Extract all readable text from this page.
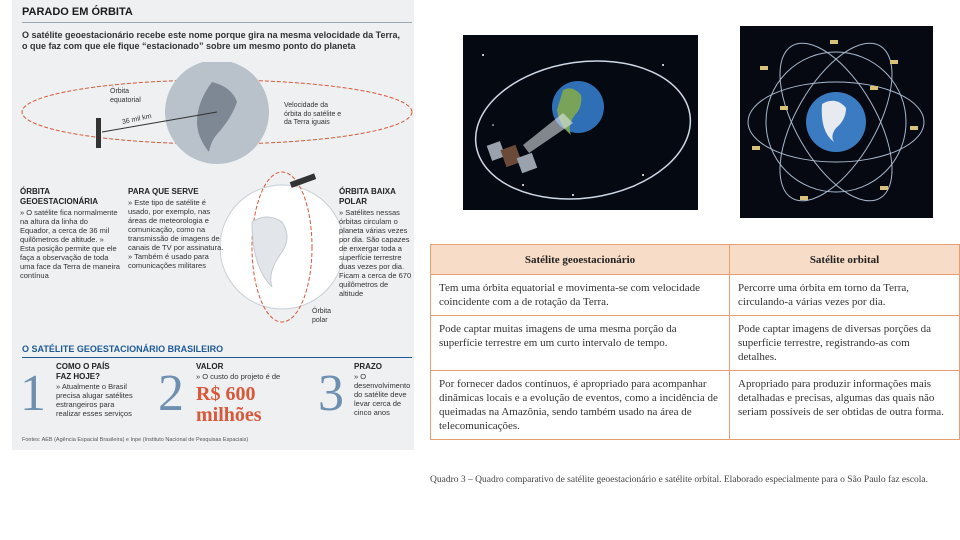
PARADO EM ÓRBITA
O satélite geoestacionário recebe este nome porque gira na mesma velocidade da Terra, o que faz com que ele fique “estacionado” sobre um mesmo ponto do planeta
Órbita equatorial
36 mil km
Velocidade da órbita do satélite e da Terra iguais
Órbita polar
ÓRBITA GEOESTACIONÁRIA
» O satélite fica normalmente na altura da linha do Equador, a cerca de 36 mil quilômetros de altitude. » Esta posição permite que ele faça a observação de toda uma face da Terra de maneira contínua
PARA QUE SERVE
» Este tipo de satélite é usado, por exemplo, nas áreas de meteorologia e comunicação, como na transmissão de imagens de canais de TV por assinatura. » Também é usado para comunicações militares
ÓRBITA BAIXA POLAR
» Satélites nessas órbitas circulam o planeta várias vezes por dia. São capazes de enxergar toda a superfície terrestre duas vezes por dia. Ficam a cerca de 670 quilômetros de altitude
O SATÉLITE GEOESTACIONÁRIO BRASILEIRO
1 COMO O PAÍS FAZ HOJE?
» Atualmente o Brasil precisa alugar satélites estrangeiros para realizar esses serviços 2 VALOR
» O custo do projeto é de
R$ 600
milhões 3 PRAZO
» O desenvolvimento do satélite deve levar cerca de cinco anos
Fontes: AEB (Agência Espacial Brasileira) e Inpe (Instituto Nacional de Pesquisas Espaciais)
Satélite geoestacionário	Satélite orbital
Tem uma órbita equatorial e movimenta-se com velocidade coincidente com a de rotação da Terra.	Percorre uma órbita em torno da Terra, circulando-a várias vezes por dia.
Pode captar muitas imagens de uma mesma porção da superfície terrestre em um curto intervalo de tempo.	Pode captar imagens de diversas porções da superfície terrestre, registrando-as com detalhes.
Por fornecer dados contínuos, é apropriado para acompanhar dinâmicas locais e a evolução de eventos, como a incidência de queimadas na Amazônia, sendo também usado na área de telecomunicações.	Apropriado para produzir informações mais detalhadas e precisas, algumas das quais não seriam possíveis de ser obtidas de outra forma.
Quadro 3 – Quadro comparativo de satélite geoestacionário e satélite orbital. Elaborado especialmente para o São Paulo faz escola.
